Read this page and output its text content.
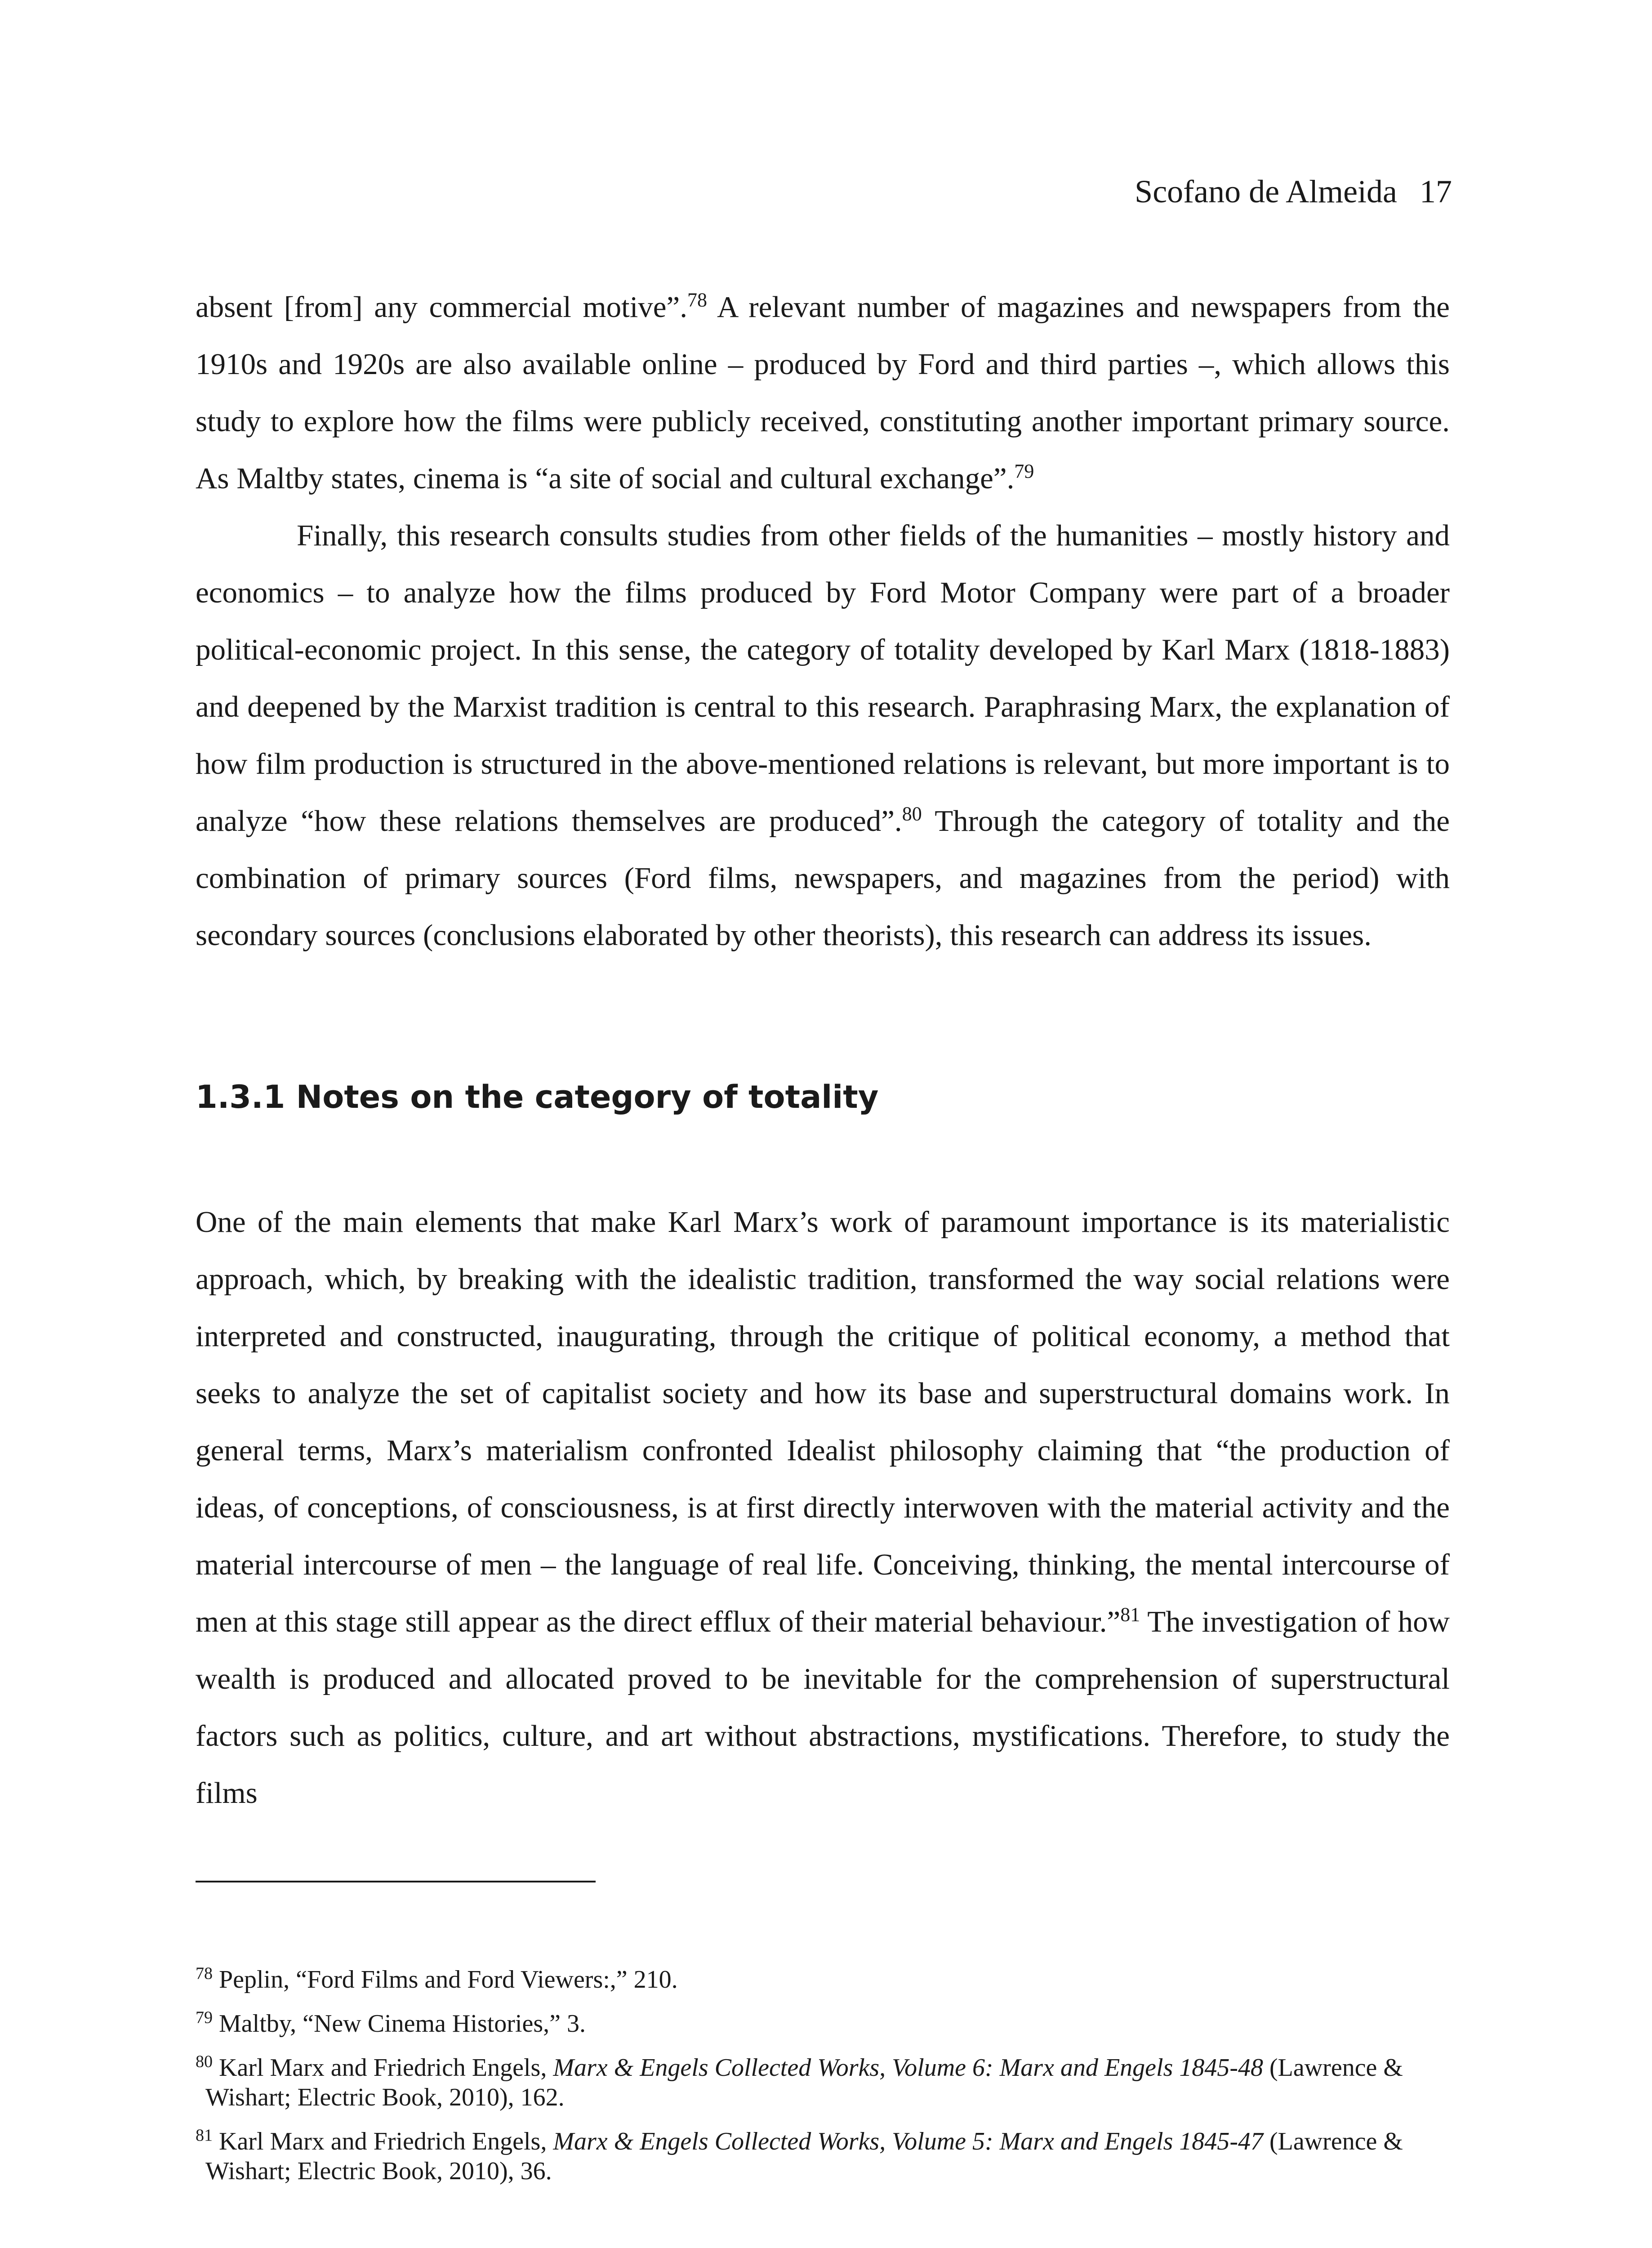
Scofano de Almeida 17

absent [from] any commercial motive”.$^{78}$ A relevant number of magazines and newspapers from the 1910s and 1920s are also available online – produced by Ford and third parties –, which allows this study to explore how the films were publicly received, constituting another important primary source. As Maltby states, cinema is “a site of social and cultural exchange”.$^{79}$

Finally, this research consults studies from other fields of the humanities – mostly history and economics – to analyze how the films produced by Ford Motor Company were part of a broader political-economic project. In this sense, the category of totality developed by Karl Marx (1818-1883) and deepened by the Marxist tradition is central to this research. Paraphrasing Marx, the explanation of how film production is structured in the above-mentioned relations is relevant, but more important is to analyze “how these relations themselves are produced”.$^{80}$ Through the category of totality and the combination of primary sources (Ford films, newspapers, and magazines from the period) with secondary sources (conclusions elaborated by other theorists), this research can address its issues.

1.3.1 Notes on the category of totality

One of the main elements that make Karl Marx’s work of paramount importance is its materialistic approach, which, by breaking with the idealistic tradition, transformed the way social relations were interpreted and constructed, inaugurating, through the critique of political economy, a method that seeks to analyze the set of capitalist society and how its base and superstructural domains work. In general terms, Marx’s materialism confronted Idealist philosophy claiming that “the production of ideas, of conceptions, of consciousness, is at first directly interwoven with the material activity and the material intercourse of men – the language of real life. Conceiving, thinking, the mental intercourse of men at this stage still appear as the direct efflux of their material behaviour.”$^{81}$ The investigation of how wealth is produced and allocated proved to be inevitable for the comprehension of superstructural factors such as politics, culture, and art without abstractions, mystifications. Therefore, to study the films

$^{78}$ Peplin, “Ford Films and Ford Viewers:,” 210.

$^{79}$ Maltby, “New Cinema Histories,” 3.

$^{80}$ Karl Marx and Friedrich Engels, Marx & Engels Collected Works, Volume 6: Marx and Engels 1845-48 (Lawrence & Wishart; Electric Book, 2010), 162.

$^{81}$ Karl Marx and Friedrich Engels, Marx & Engels Collected Works, Volume 5: Marx and Engels 1845-47 (Lawrence & Wishart; Electric Book, 2010), 36.
